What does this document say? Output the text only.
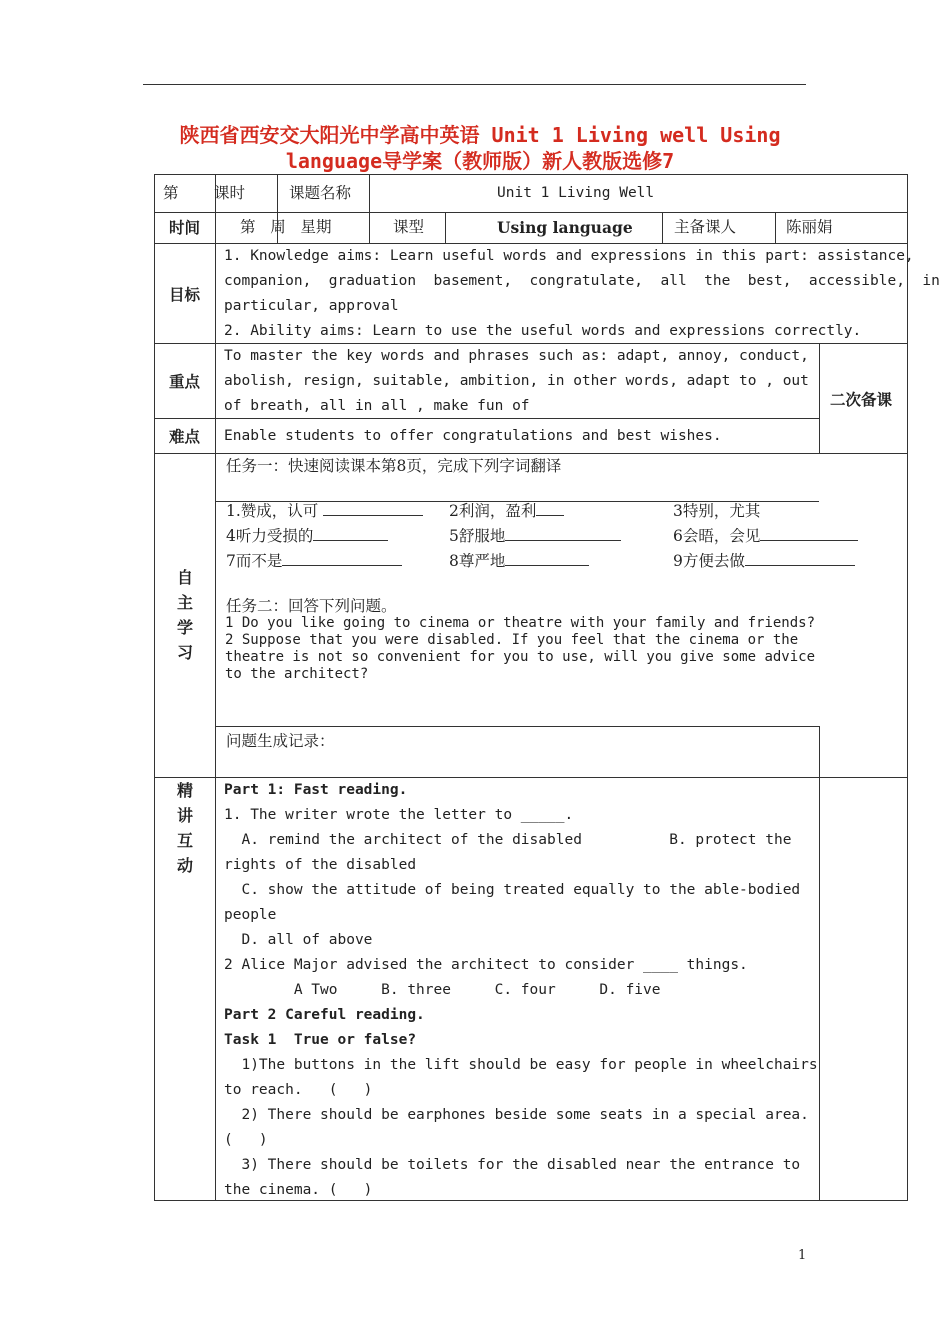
陕西省西安交大阳光中学高中英语 Unit 1 Living well Using
language导学案（教师版）新人教版选修7
第 课时	课题名称	Unit 1 Living Well
时间	第   周   星期	课型	Using language	主备课人	陈丽娟
目标
1. Knowledge aims: Learn useful words and expressions in this part: assistance,
companion,  graduation  basement,  congratulate,  all  the  best,  accessible,  in
particular, approval
2. Ability aims: Learn to use the useful words and expressions correctly.
重点
To master the key words and phrases such as: adapt, annoy, conduct,
abolish, resign, suitable, ambition, in other words, adapt to , out
of breath, all in all , make fun of	二次备课
难点 Enable students to offer congratulations and best wishes.
自
主
学
习
任务一：快速阅读课本第8页，完成下列字词翻译
1.赞成，认可	2利润，盈利	3特别，尤其
4听力受损的	5舒服地	6会晤，会见
7而不是	8尊严地	9方便去做
任务二：回答下列问题。
1 Do you like going to cinema or theatre with your family and friends?
2 Suppose that you were disabled. If you feel that the cinema or the
theatre is not so convenient for you to use, will you give some advice
to the architect?
问题生成记录：
精
讲
互
动
Part 1: Fast reading.
1. The writer wrote the letter to _____.
A. remind the architect of the disabled          B. protect the
rights of the disabled
C. show the attitude of being treated equally to the able-bodied
people
D. all of above
2 Alice Major advised the architect to consider ____ things.
A Two     B. three     C. four     D. five
Part 2 Careful reading.
Task 1  True or false?
1)The buttons in the lift should be easy for people in wheelchairs
to reach.   (   )
2) There should be earphones beside some seats in a special area.
(   )
3) There should be toilets for the disabled near the entrance to
the cinema. (   )
1
